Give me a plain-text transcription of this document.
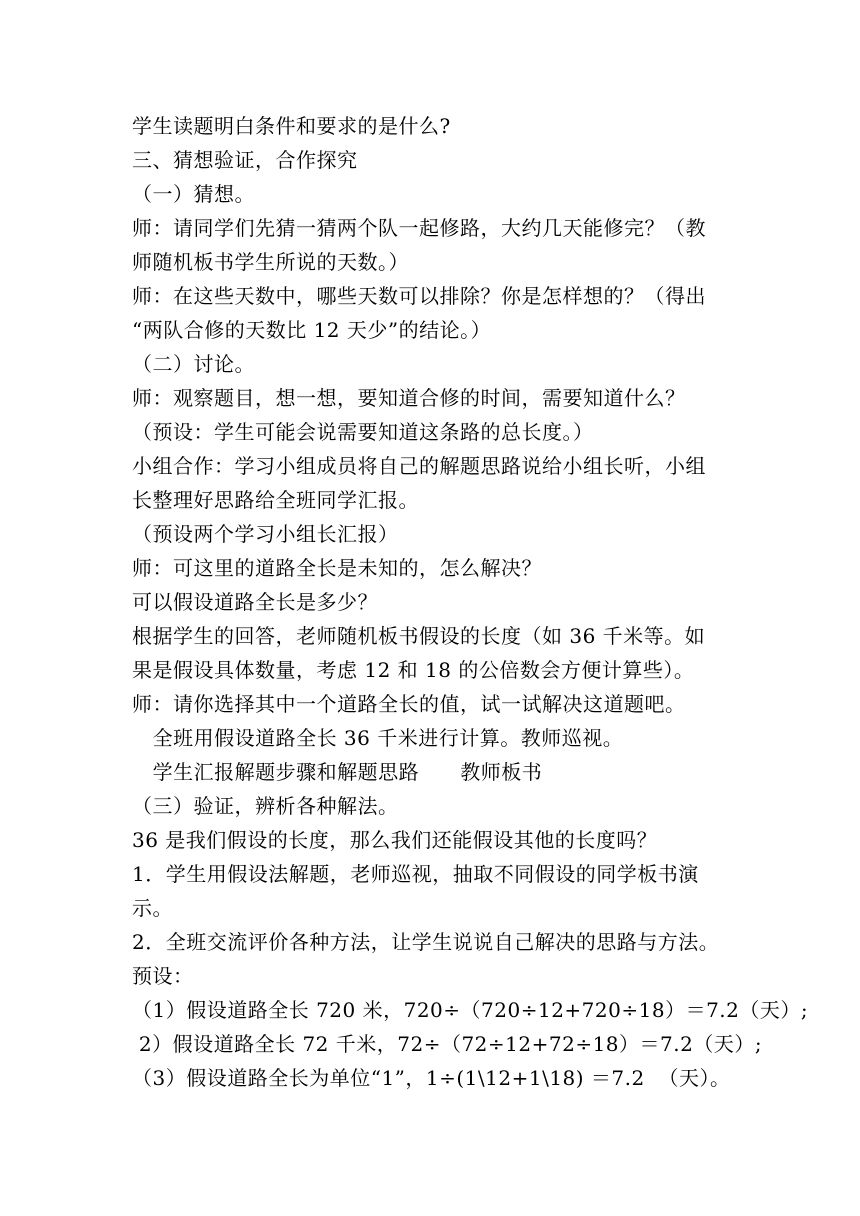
学生读题明白条件和要求的是什么?
三、猜想验证，合作探究
（一）猜想。
师：请同学们先猜一猜两个队一起修路，大约几天能修完？（教
师随机板书学生所说的天数。）
师：在这些天数中，哪些天数可以排除？你是怎样想的？（得出
“两队合修的天数比 12 天少”的结论。）
（二）讨论。
师：观察题目，想一想，要知道合修的时间，需要知道什么？
（预设：学生可能会说需要知道这条路的总长度。）
小组合作：学习小组成员将自己的解题思路说给小组长听，小组
长整理好思路给全班同学汇报。
（预设两个学习小组长汇报）
师：可这里的道路全长是未知的，怎么解决？
可以假设道路全长是多少？
根据学生的回答，老师随机板书假设的长度（如 36 千米等。如
果是假设具体数量，考虑 12 和 18 的公倍数会方便计算些）。
师：请你选择其中一个道路全长的值，试一试解决这道题吧。
全班用假设道路全长 36 千米进行计算。教师巡视。
学生汇报解题步骤和解题思路      教师板书
（三）验证，辨析各种解法。
36 是我们假设的长度，那么我们还能假设其他的长度吗？
1．学生用假设法解题，老师巡视，抽取不同假设的同学板书演
示。
2．全班交流评价各种方法，让学生说说自己解决的思路与方法。
预设：
（1）假设道路全长 720 米，720÷（720÷12+720÷18）＝7.2（天）;
2）假设道路全长 72 千米，72÷（72÷12+72÷18）＝7.2（天）;
（3）假设道路全长为单位“1”，1÷(1\12+1\18) ＝7.2  （天）。
